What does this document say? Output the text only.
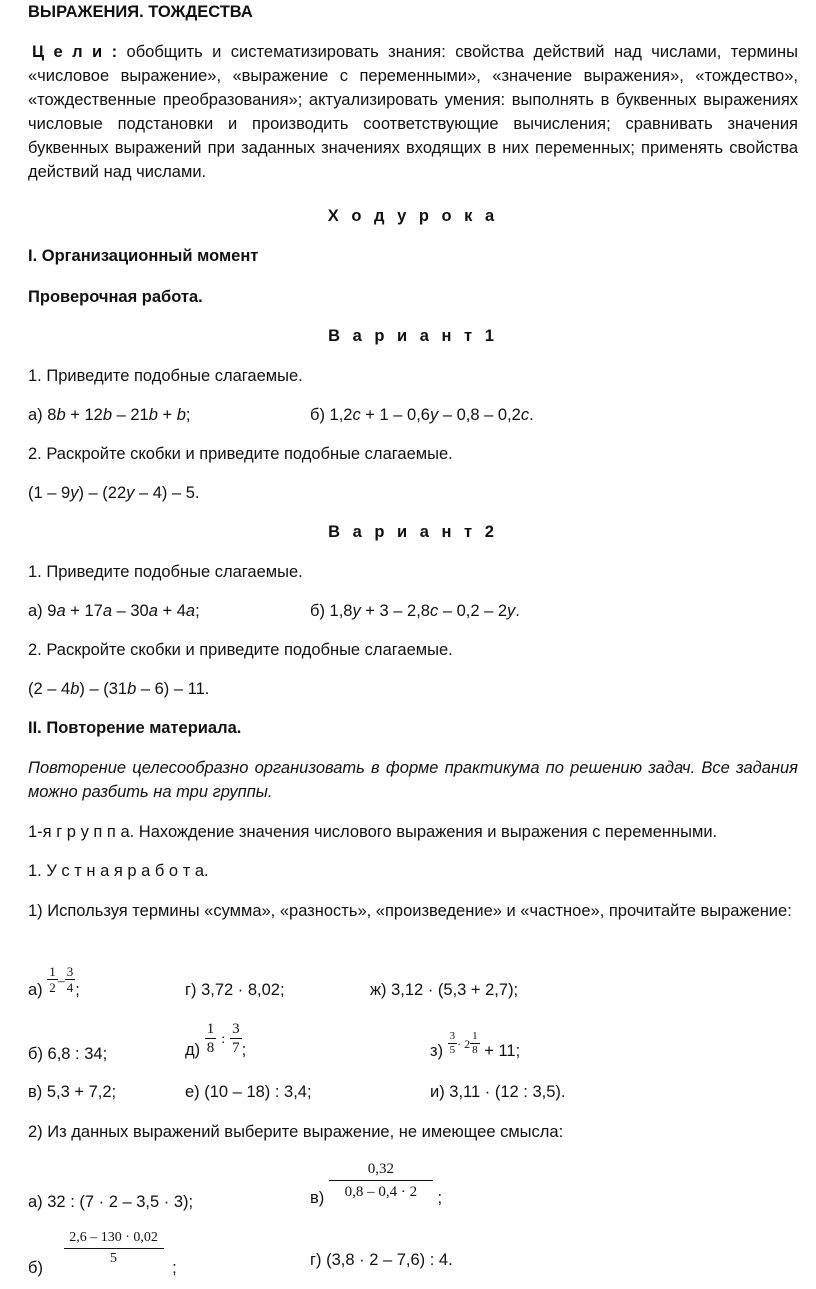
ВЫРАЖЕНИЯ. ТОЖДЕСТВА
Ц е л и : обобщить и систематизировать знания: свойства действий над числами, термины «числовое выражение», «выражение с переменными», «значение выражения», «тождество», «тождественные преобразования»; актуализировать умения: выполнять в буквенных выражениях числовые подстановки и производить соответствующие вычисления; сравнивать значения буквенных выражений при заданных значениях входящих в них переменных; применять свойства действий над числами.
Х о д у р о к а
I. Организационный момент
Проверочная работа.
В а р и а н т 1
1. Приведите подобные слагаемые.
а) 8b + 12b – 21b + b;	б) 1,2c + 1 – 0,6y – 0,8 – 0,2c.
2. Раскройте скобки и приведите подобные слагаемые.
(1 – 9y) – (22y – 4) – 5.
В а р и а н т 2
1. Приведите подобные слагаемые.
а) 9a + 17a – 30a + 4a;	б) 1,8y + 3 – 2,8c – 0,2 – 2y.
2. Раскройте скобки и приведите подобные слагаемые.
(2 – 4b) – (31b – 6) – 11.
II. Повторение материала.
Повторение целесообразно организовать в форме практикума по решению задач. Все задания можно разбить на три группы.
1-я г р у п п а. Нахождение значения числового выражения и выражения с переменными.
1. У с т н а я р а б о т а.
1) Используя термины «сумма», «разность», «произведение» и «частное», прочитайте выражение:
$а) \frac{1}{2} ^- \frac{3}{4}$ ;	г) 3,72 · 8,02;	ж) 3,12 · (5,3 + 2,7);
б) 6,8 : 34;	$д) \frac{1}{8}$ : $\frac{3}{7}$ ;	$з) \frac{3}{5} \cdot 2 \frac{1}{8} + 11$;
в) 5,3 + 7,2;	е) (10 – 18) : 3,4;	и) 3,11 · (12 : 3,5).
2) Из данных выражений выберите выражение, не имеющее смысла:
а) 32 : (7 · 2 – 3,5 · 3);	$в) \frac{0,32}{0,8 - 0,4 \cdot 2}$ ;
$б) \frac{2,6 - 130 \cdot 0,02}{5}$ ;	г) (3,8 · 2 – 7,6) : 4.
